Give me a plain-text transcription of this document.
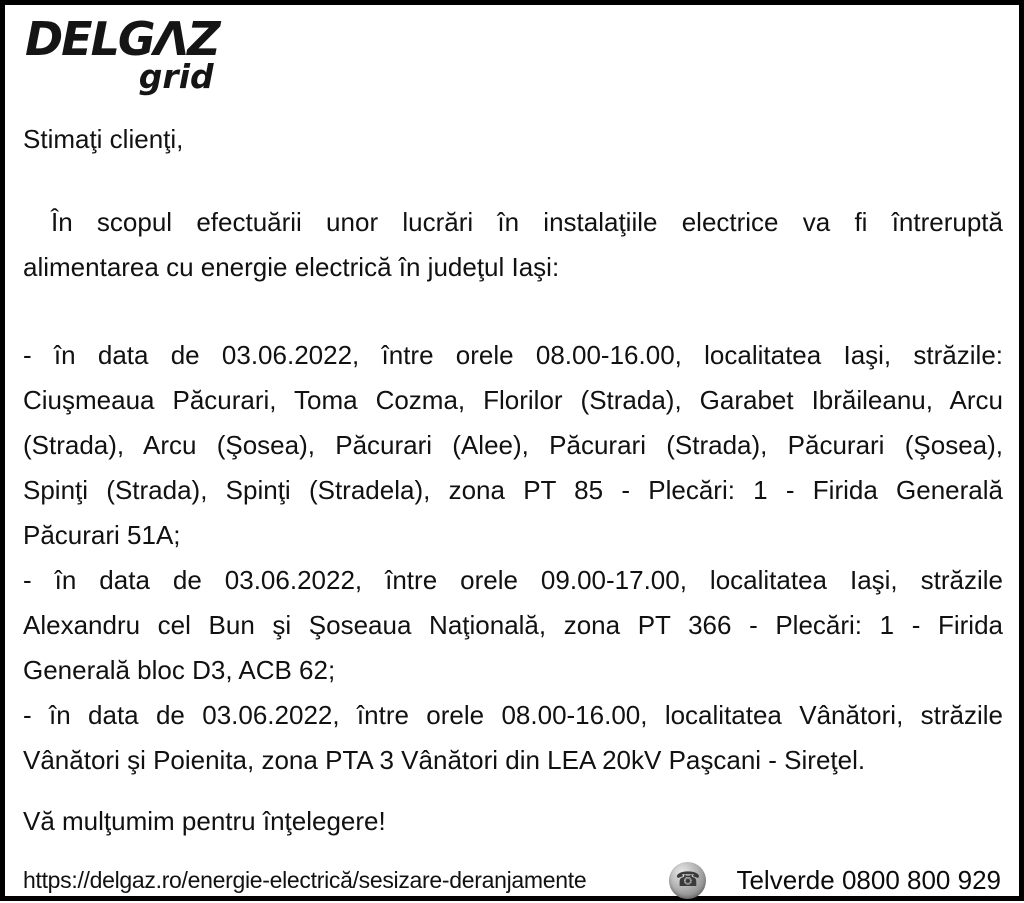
DELGΛZ
grid
Stimaţi clienţi,
În scopul efectuării unor lucrări în instalaţiile electrice va fi întreruptă
alimentarea cu energie electrică în judeţul Iaşi:
- în data de 03.06.2022, între orele 08.00-16.00, localitatea Iaşi, străzile:
Ciuşmeaua Păcurari, Toma Cozma, Florilor (Strada), Garabet Ibrăileanu, Arcu
(Strada), Arcu (Şosea), Păcurari (Alee), Păcurari (Strada), Păcurari (Şosea),
Spinţi (Strada), Spinţi (Stradela), zona PT 85 - Plecări: 1 - Firida Generală
Păcurari 51A;
- în data de 03.06.2022, între orele 09.00-17.00, localitatea Iaşi, străzile
Alexandru cel Bun şi Şoseaua Naţională, zona PT 366 - Plecări: 1 - Firida
Generală bloc D3, ACB 62;
- în data de 03.06.2022, între orele 08.00-16.00, localitatea Vânători, străzile
Vânători şi Poienita, zona PTA 3 Vânători din LEA 20kV Paşcani - Sireţel.
Vă mulţumim pentru înţelegere!
https://delgaz.ro/energie-electrică/sesizare-deranjamente	☎ Telverde 0800 800 929
